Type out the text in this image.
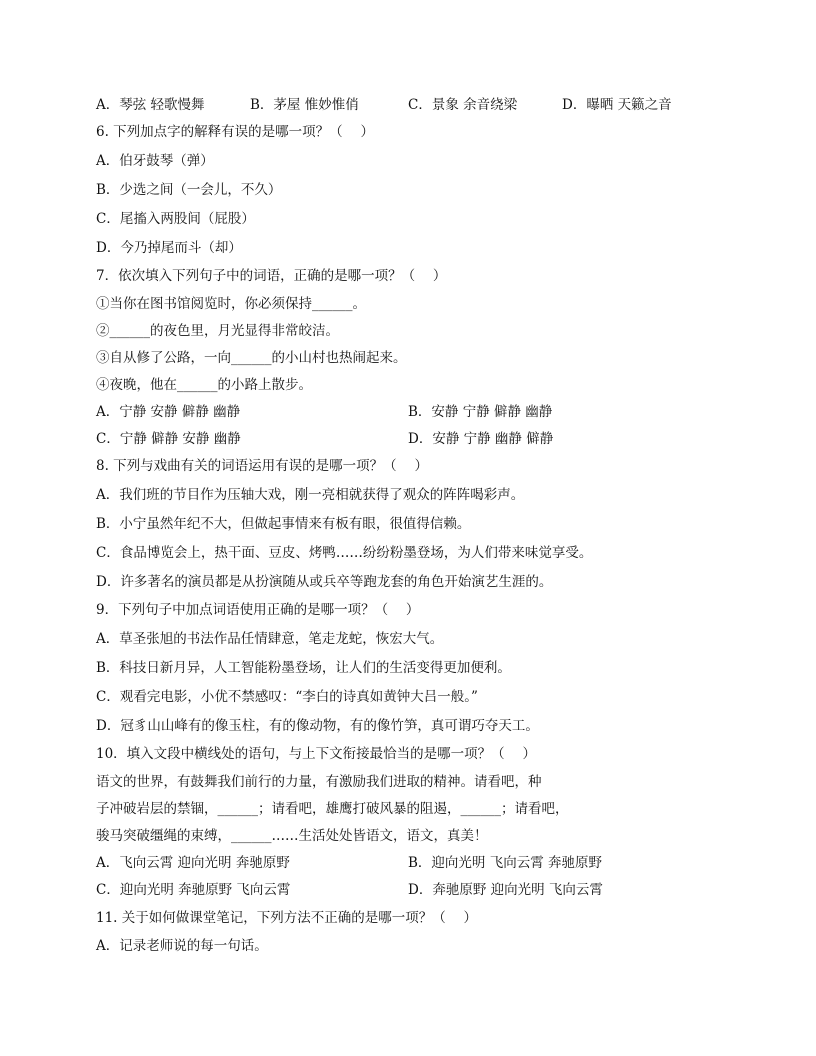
A．琴弦 轻歌慢舞	B．茅屋 惟妙惟俏	C．景象 余音绕梁	D．曝晒 天籁之音
6. 下列加点字的解释有误的是哪一项？（　 ）
A．伯牙鼓琴（弹）
B．少选之间（一会儿，不久）
C．尾搐入两股间（屁股）
D．今乃掉尾而斗（却）
7．依次填入下列句子中的词语，正确的是哪一项？（　 ）
①当你在图书馆阅览时，你必须保持______。
②______的夜色里，月光显得非常皎洁。
③自从修了公路，一向______的小山村也热闹起来。
④夜晚，他在______的小路上散步。
A．宁静 安静 僻静 幽静	B．安静 宁静 僻静 幽静
C．宁静 僻静 安静 幽静	D．安静 宁静 幽静 僻静
8. 下列与戏曲有关的词语运用有误的是哪一项？（　 ）
A．我们班的节目作为压轴大戏，刚一亮相就获得了观众的阵阵喝彩声。
B．小宁虽然年纪不大，但做起事情来有板有眼，很值得信赖。
C．食品博览会上，热干面、豆皮、烤鸭……纷纷粉墨登场，为人们带来味觉享受。
D．许多著名的演员都是从扮演随从或兵卒等跑龙套的角色开始演艺生涯的。
9．下列句子中加点词语使用正确的是哪一项？（　 ）
A．草圣张旭的书法作品任情肆意，笔走龙蛇，恢宏大气。
B．科技日新月异，人工智能粉墨登场，让人们的生活变得更加便利。
C．观看完电影，小优不禁感叹：“李白的诗真如黄钟大吕一般。”
D．冠豸山山峰有的像玉柱，有的像动物，有的像竹笋，真可谓巧夺天工。
10．填入文段中横线处的语句，与上下文衔接最恰当的是哪一项？（　 ）
语文的世界，有鼓舞我们前行的力量，有激励我们进取的精神。请看吧，种
子冲破岩层的禁锢，______；请看吧，雄鹰打破风暴的阻遏，______；请看吧，
骏马突破缰绳的束缚，______……生活处处皆语文，语文，真美！
A．飞向云霄 迎向光明 奔驰原野	B．迎向光明 飞向云霄 奔驰原野
C．迎向光明 奔驰原野 飞向云霄	D．奔驰原野 迎向光明 飞向云霄
11. 关于如何做课堂笔记，下列方法不正确的是哪一项？（　 ）
A．记录老师说的每一句话。
